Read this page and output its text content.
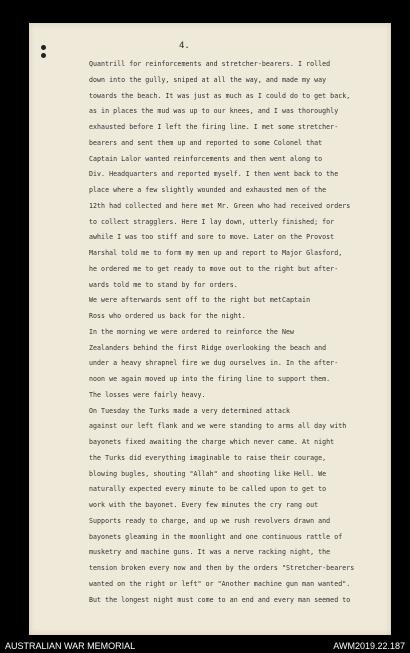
4.
Quantrill for reinforcements and stretcher-bearers. I rolled
down into the gully, sniped at all the way, and made my way
towards the beach. It was just as much as I could do to get back,
as in places the mud was up to our knees, and I was thoroughly
exhausted before I left the firing line. I met some stretcher-
bearers and sent them up and reported to some Colonel that
Captain Lalor wanted reinforcements and then went along to
Div. Headquarters and reported myself. I then went back to the
place where a few slightly wounded and exhausted men of the
12th had collected and here met Mr. Green who had received orders
to collect stragglers. Here I lay down, utterly finished; for
awhile I was too stiff and sore to move. Later on the Provost
Marshal told me to form my men up and report to Major Glasford,
he ordered me to get ready to move out to the right but after-
wards told me to stand by for orders.
We were afterwards sent off to the right but metCaptain
Ross who ordered us back for the night.
In the morning we were ordered to reinforce the New
Zealanders behind the first Ridge overlooking the beach and
under a heavy shrapnel fire we dug ourselves in. In the after-
noon we again moved up into the firing line to support them.
The losses were fairly heavy.
On Tuesday the Turks made a very determined attack
against our left flank and we were standing to arms all day with
bayonets fixed awaiting the charge which never came. At night
the Turks did everything imaginable to raise their courage,
blowing bugles, shouting "Allah" and shooting like Hell. We
naturally expected every minute to be called upon to get to
work with the bayonet. Every few minutes the cry rang out
Supports ready to charge, and up we rush revolvers drawn and
bayonets gleaming in the moonlight and one continuous rattle of
musketry and machine guns. It was a nerve racking night, the
tension broken every now and then by the orders "Stretcher-bearers
wanted on the right or left" or "Another machine gun man wanted".
But the longest night must come to an end and every man seemed to
AUSTRALIAN WAR MEMORIAL	AWM2019.22.187
